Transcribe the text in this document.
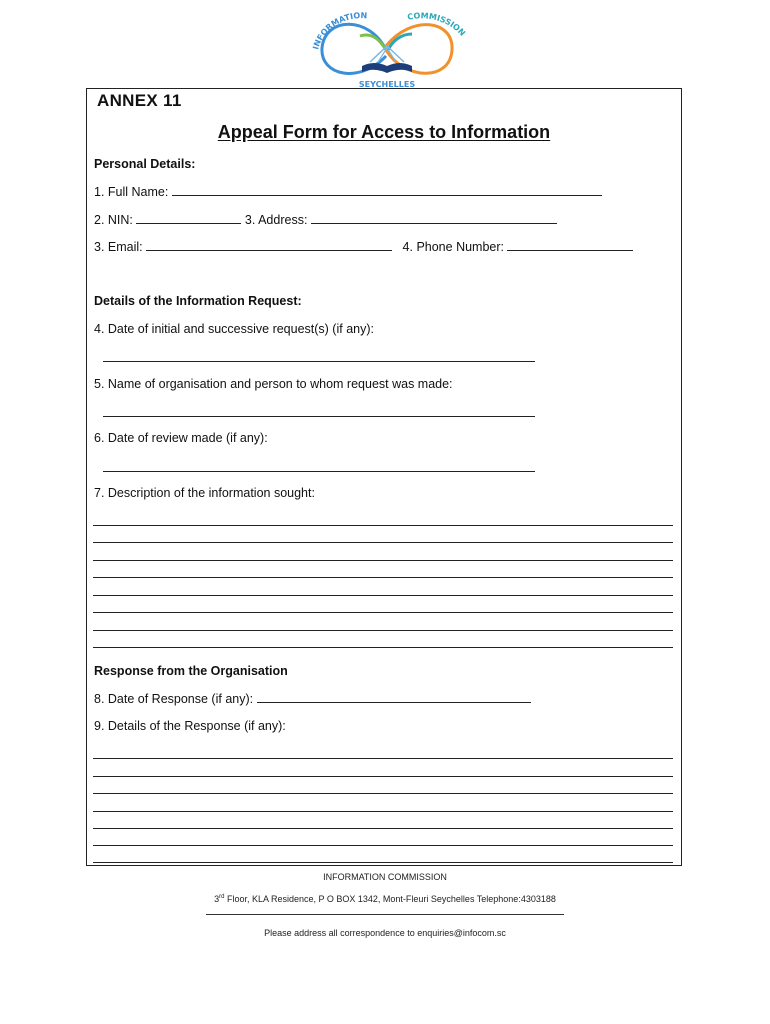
INFORMATION	COMMISSION
SEYCHELLES
ANNEX 11
Appeal Form for Access to Information
Personal Details:
1. Full Name:
2. NIN:	3. Address:
3. Email:	4. Phone Number:
Details of the Information Request:
4. Date of initial and successive request(s) (if any):
5. Name of organisation and person to whom request was made:
6. Date of review made (if any):
7. Description of the information sought:
Response from the Organisation
8. Date of Response (if any):
9. Details of the Response (if any):
INFORMATION COMMISSION
3rd Floor, KLA Residence, P O BOX 1342, Mont-Fleuri Seychelles Telephone:4303188
Please address all correspondence to enquiries@infocom.sc
